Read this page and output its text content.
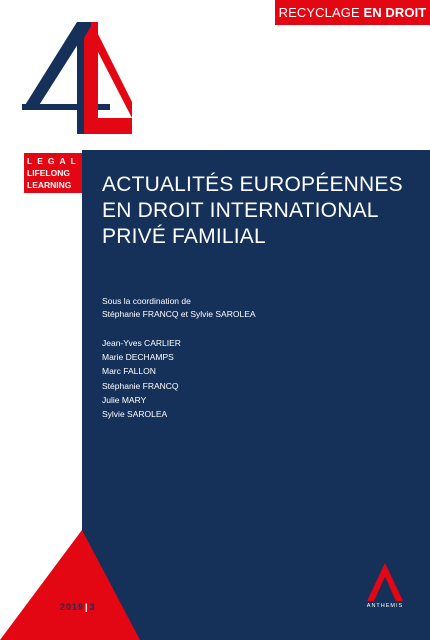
RECYCLAGE EN DROIT
LEGAL
LIFELONG
LEARNING	ACTUALITÉS EUROPÉENNES
EN DROIT INTERNATIONAL
PRIVÉ FAMILIAL
Sous la coordination de
Stéphanie FRANCQ et Sylvie SAROLEA
Jean-Yves CARLIER
Marie DECHAMPS
Marc FALLON
Stéphanie FRANCQ
Julie MARY
Sylvie SAROLEA
2019|3	ANTHEMIS
